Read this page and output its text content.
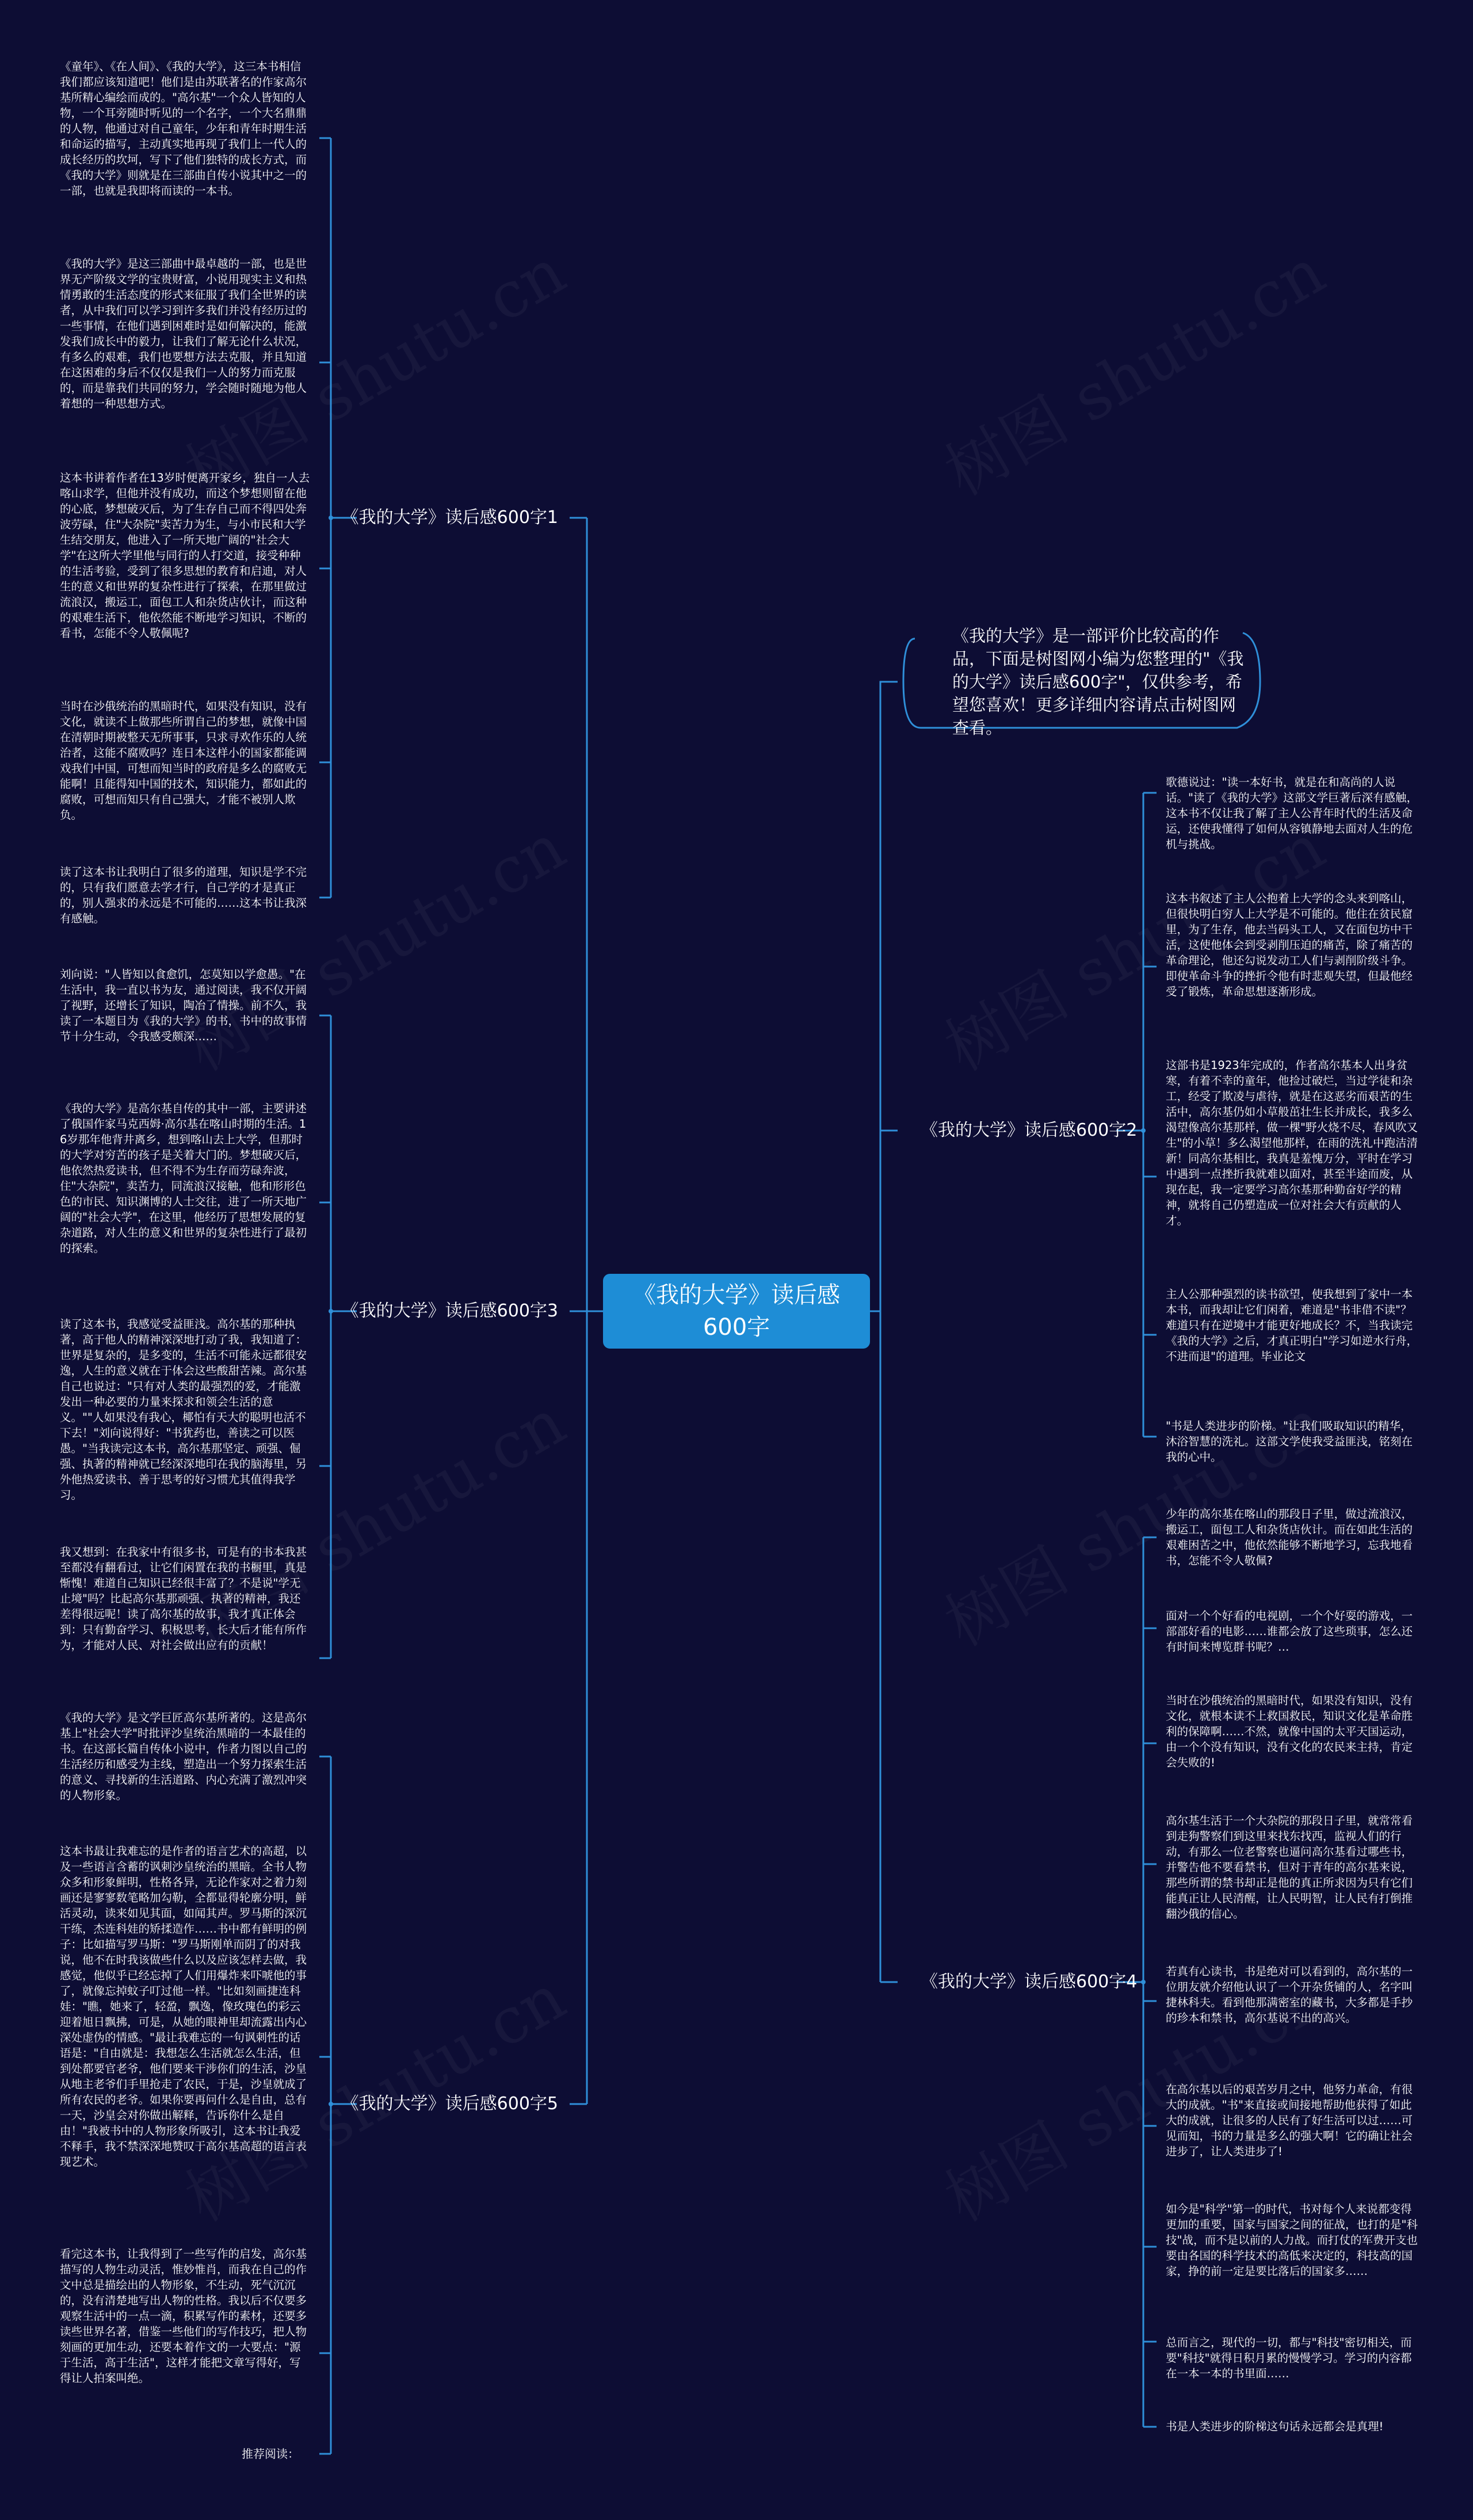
《我的大学》读后感600字
《我的大学》是一部评价比较高的作品，下面是树图网小编为您整理的"《我的大学》读后感600字"，仅供参考，希望您喜欢！更多详细内容请点击树图网查看。
《我的大学》读后感600字1
《我的大学》读后感600字3
《我的大学》读后感600字5
《我的大学》读后感600字2
《我的大学》读后感600字4
《童年》、《在人间》、《我的大学》，这三本书相信我们都应该知道吧！他们是由苏联著名的作家高尔基所精心编绘而成的。"高尔基"一个众人皆知的人物，一个耳旁随时听见的一个名字，一个大名鼎鼎的人物，他通过对自己童年，少年和青年时期生活和命运的描写，主动真实地再现了我们上一代人的成长经历的坎坷，写下了他们独特的成长方式，而《我的大学》则就是在三部曲自传小说其中之一的一部，也就是我即将而读的一本书。
《我的大学》是这三部曲中最卓越的一部，也是世界无产阶级文学的宝贵财富，小说用现实主义和热情勇敢的生活态度的形式来征服了我们全世界的读者，从中我们可以学习到许多我们并没有经历过的一些事情，在他们遇到困难时是如何解决的，能激发我们成长中的毅力，让我们了解无论什么状况，有多么的艰难，我们也要想方法去克服，并且知道在这困难的身后不仅仅是我们一人的努力而克服的，而是靠我们共同的努力，学会随时随地为他人着想的一种思想方式。
这本书讲着作者在13岁时便离开家乡，独自一人去喀山求学，但他并没有成功，而这个梦想则留在他的心底，梦想破灭后，为了生存自己而不得四处奔波劳碌，住"大杂院"卖苦力为生，与小市民和大学生结交朋友，他进入了一所天地广阔的"社会大学"在这所大学里他与同行的人打交道，接受种种的生活考验，受到了很多思想的教育和启迪，对人生的意义和世界的复杂性进行了探索，在那里做过流浪汉，搬运工，面包工人和杂货店伙计，而这种的艰难生活下，他依然能不断地学习知识，不断的看书，怎能不令人敬佩呢?
当时在沙俄统治的黑暗时代，如果没有知识，没有文化，就读不上做那些所谓自己的梦想，就像中国在清朝时期被整天无所事事，只求寻欢作乐的人统治者，这能不腐败吗？连日本这样小的国家都能调戏我们中国，可想而知当时的政府是多么的腐败无能啊！且能得知中国的技术，知识能力，都如此的腐败，可想而知只有自己强大，才能不被别人欺负。
读了这本书让我明白了很多的道理，知识是学不完的，只有我们愿意去学才行，自己学的才是真正的，别人强求的永远是不可能的……这本书让我深有感触。
刘向说："人皆知以食愈饥，怎莫知以学愈愚。"在生活中，我一直以书为友，通过阅读，我不仅开阔了视野，还增长了知识，陶冶了情操。前不久，我读了一本题目为《我的大学》的书，书中的故事情节十分生动，令我感受颇深……
《我的大学》是高尔基自传的其中一部，主要讲述了俄国作家马克西姆·高尔基在喀山时期的生活。16岁那年他背井离乡，想到喀山去上大学，但那时的大学对穷苦的孩子是关着大门的。梦想破灭后，他依然热爱读书，但不得不为生存而劳碌奔波，住"大杂院"，卖苦力，同流浪汉接触，他和形形色色的市民、知识渊博的人士交往，进了一所天地广阔的"社会大学"，在这里，他经历了思想发展的复杂道路，对人生的意义和世界的复杂性进行了最初的探索。
读了这本书，我感觉受益匪浅。高尔基的那种执著，高于他人的精神深深地打动了我，我知道了：世界是复杂的，是多变的，生活不可能永远都很安逸，人生的意义就在于体会这些酸甜苦辣。高尔基自己也说过："只有对人类的最强烈的爱，才能激发出一种必要的力量来探求和领会生活的意义。""人如果没有我心，椰怕有天大的聪明也活不下去！"刘向说得好："书犹药也，善读之可以医愚。"当我读完这本书，高尔基那坚定、顽强、倔强、执著的精神就已经深深地印在我的脑海里，另外他热爱读书、善于思考的好习惯尤其值得我学习。
我又想到：在我家中有很多书，可是有的书本我甚至都没有翻看过，让它们闲置在我的书橱里，真是惭愧！难道自己知识已经很丰富了？不是说"学无止境"吗？比起高尔基那顽强、执著的精神，我还差得很远呢！读了高尔基的故事，我才真正体会到：只有勤奋学习、积极思考，长大后才能有所作为，才能对人民、对社会做出应有的贡献！
《我的大学》是文学巨匠高尔基所著的。这是高尔基上"社会大学"时批评沙皇统治黑暗的一本最佳的书。在这部长篇自传体小说中，作者力图以自己的生活经历和感受为主线，塑造出一个努力探索生活的意义、寻找新的生活道路、内心充满了激烈冲突的人物形象。
这本书最让我难忘的是作者的语言艺术的高超，以及一些语言含蓄的讽刺沙皇统治的黑暗。全书人物众多和形象鲜明，性格各异，无论作家对之着力刻画还是寥寥数笔略加勾勒，全都显得轮廓分明，鲜活灵动，读来如见其面，如闻其声。罗马斯的深沉干练，杰连科娃的矫揉造作……书中都有鲜明的例子：比如描写罗马斯："罗马斯刚单而阴了的对我说，他不在时我该做些什么以及应该怎样去做，我感觉，他似乎已经忘掉了人们用爆炸来吓唬他的事了，就像忘掉蚊子叮过他一样。"比如刻画捷连科娃："瞧，她来了，轻盈，飘逸，像玫瑰色的彩云迎着旭日飘拂，可是，从她的眼神里却流露出内心深处虚伪的情感。"最让我难忘的一句讽刺性的话语是："自由就是：我想怎么生活就怎么生活，但到处都要官老爷，他们要来干涉你们的生活，沙皇从地主老爷们手里抢走了农民，于是，沙皇就成了所有农民的老爷。如果你要再问什么是自由，总有一天，沙皇会对你做出解释，告诉你什么是自由！"我被书中的人物形象所吸引，这本书让我爱不释手，我不禁深深地赞叹于高尔基高超的语言表现艺术。
看完这本书，让我得到了一些写作的启发，高尔基描写的人物生动灵活，惟妙惟肖，而我在自己的作文中总是描绘出的人物形象，不生动，死气沉沉的，没有清楚地写出人物的性格。我以后不仅要多观察生活中的一点一滴，积累写作的素材，还要多读些世界名著，借鉴一些他们的写作技巧，把人物刻画的更加生动，还要本着作文的一大要点："源于生活，高于生活"，这样才能把文章写得好，写得让人拍案叫绝。
推荐阅读：
歌德说过："读一本好书，就是在和高尚的人说话。"读了《我的大学》这部文学巨著后深有感触，这本书不仅让我了解了主人公青年时代的生活及命运，还使我懂得了如何从容镇静地去面对人生的危机与挑战。
这本书叙述了主人公抱着上大学的念头来到喀山，但很快明白穷人上大学是不可能的。他住在贫民窟里，为了生存，他去当码头工人，又在面包坊中干活，这使他体会到受剥削压迫的痛苦，除了痛苦的革命理论，他还勾说发动工人们与剥削阶级斗争。即使革命斗争的挫折令他有时悲观失望，但最他经受了锻炼，革命思想逐渐形成。
这部书是1923年完成的，作者高尔基本人出身贫寒，有着不幸的童年，他捡过破烂，当过学徒和杂工，经受了欺凌与虐待，就是在这恶劣而艰苦的生活中，高尔基仍如小草般茁壮生长并成长，我多么渴望像高尔基那样，做一棵"野火烧不尽，春风吹又生"的小草！多么渴望他那样，在雨的洗礼中跑洁清新！同高尔基相比，我真是羞愧万分，平时在学习中遇到一点挫折我就难以面对，甚至半途而废，从现在起，我一定要学习高尔基那种勤奋好学的精神，就将自己仍塑造成一位对社会大有贡献的人才。
主人公那种强烈的读书欲望，使我想到了家中一本本书，而我却让它们闲着，难道是"书非借不读"？难道只有在逆境中才能更好地成长？不，当我读完《我的大学》之后，才真正明白"学习如逆水行舟，不进而退"的道理。毕业论文
"书是人类进步的阶梯。"让我们吸取知识的精华，沐浴智慧的洗礼。这部文学使我受益匪浅，铭刻在我的心中。
少年的高尔基在喀山的那段日子里，做过流浪汉，搬运工，面包工人和杂货店伙计。而在如此生活的艰难困苦之中，他依然能够不断地学习，忘我地看书，怎能不令人敬佩?
面对一个个好看的电视剧，一个个好耍的游戏，一部部好看的电影……谁都会放了这些琐事，怎么还有时间来博览群书呢？…
当时在沙俄统治的黑暗时代，如果没有知识，没有文化，就根本读不上救国救民，知识文化是革命胜利的保障啊……不然，就像中国的太平天国运动，由一个个没有知识，没有文化的农民来主持，肯定会失败的!
高尔基生活于一个大杂院的那段日子里，就常常看到走狗警察们到这里来找东找西，监视人们的行动，有那么一位老警察也逼问高尔基看过哪些书，并警告他不要看禁书，但对于青年的高尔基来说，那些所谓的禁书却正是他的真正所求因为只有它们能真正让人民清醒，让人民明智，让人民有打倒推翻沙俄的信心。
若真有心读书，书是绝对可以看到的，高尔基的一位朋友就介绍他认识了一个开杂货铺的人，名字叫捷林科夫。看到他那满密室的藏书，大多都是手抄的珍本和禁书，高尔基说不出的高兴。
在高尔基以后的艰苦岁月之中，他努力革命，有很大的成就。"书"来直接或间接地帮助他获得了如此大的成就，让很多的人民有了好生活可以过……可见而知，书的力量是多么的强大啊！它的确让社会进步了，让人类进步了!
如今是"科学"第一的时代，书对每个人来说都变得更加的重要，国家与国家之间的征战，也打的是"科技"战，而不是以前的人力战。而打仗的军费开支也要由各国的科学技术的高低来决定的，科技高的国家，挣的前一定是要比落后的国家多……
总而言之，现代的一切，都与"科技"密切相关，而要"科技"就得日积月累的慢慢学习。学习的内容都在一本一本的书里面……
书是人类进步的阶梯这句话永远都会是真理!
